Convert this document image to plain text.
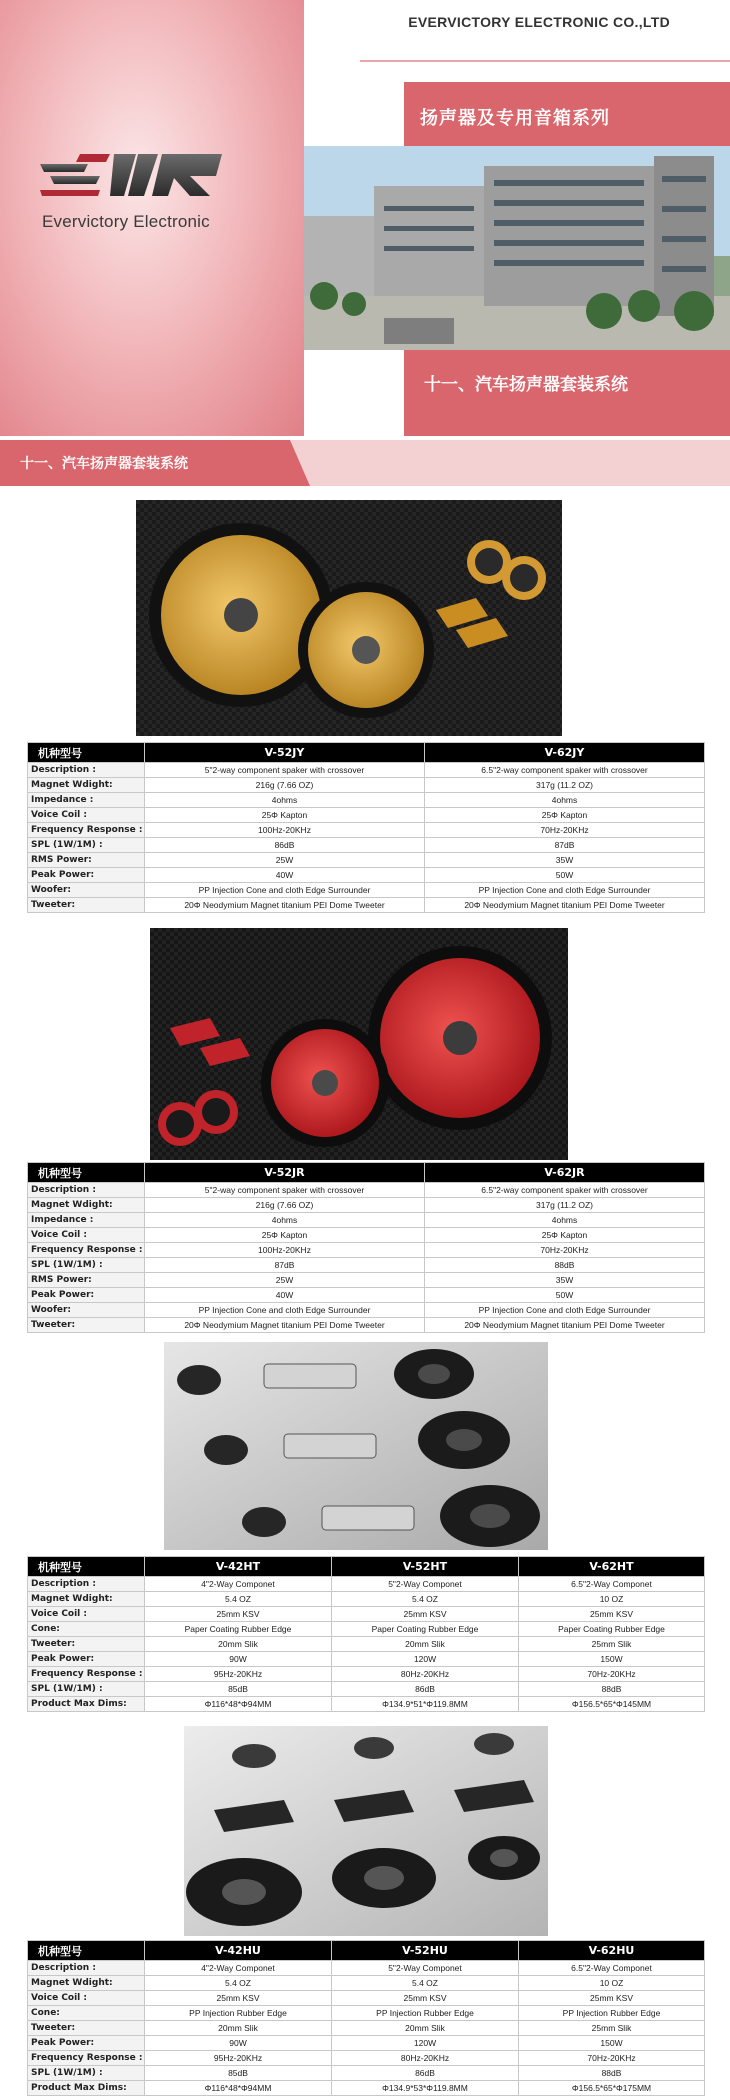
Evervictory Electronic
EVERVICTORY ELECTRONIC CO.,LTD
扬声器及专用音箱系列
十一、汽车扬声器套装系统
十一、汽车扬声器套装系统
机种型号	V-52JY	V-62JY
Description :	5"2-way component spaker with crossover	6.5"2-way component spaker with crossover
Magnet Wdight:	216g (7.66 OZ)	317g (11.2 OZ)
Impedance :	4ohms	4ohms
Voice Coil :	25Φ Kapton	25Φ Kapton
Frequency Response :	100Hz-20KHz	70Hz-20KHz
SPL (1W/1M) :	86dB	87dB
RMS Power:	25W	35W
Peak Power:	40W	50W
Woofer:	PP Injection Cone and cloth Edge Surrounder	PP Injection Cone and cloth Edge Surrounder
Tweeter:	20Φ Neodymium Magnet titanium PEI Dome Tweeter	20Φ Neodymium Magnet titanium PEI Dome Tweeter
机种型号	V-52JR	V-62JR
Description :	5"2-way component spaker with crossover	6.5"2-way component spaker with crossover
Magnet Wdight:	216g (7.66 OZ)	317g (11.2 OZ)
Impedance :	4ohms	4ohms
Voice Coil :	25Φ Kapton	25Φ Kapton
Frequency Response :	100Hz-20KHz	70Hz-20KHz
SPL (1W/1M) :	87dB	88dB
RMS Power:	25W	35W
Peak Power:	40W	50W
Woofer:	PP Injection Cone and cloth Edge Surrounder	PP Injection Cone and cloth Edge Surrounder
Tweeter:	20Φ Neodymium Magnet titanium PEI Dome Tweeter	20Φ Neodymium Magnet titanium PEI Dome Tweeter
机种型号	V-42HT	V-52HT	V-62HT
Description :	4"2-Way Componet	5"2-Way Componet	6.5"2-Way Componet
Magnet Wdight:	5.4 OZ	5.4 OZ	10 OZ
Voice Coil :	25mm KSV	25mm KSV	25mm KSV
Cone:	Paper Coating Rubber Edge	Paper Coating Rubber Edge	Paper Coating Rubber Edge
Tweeter:	20mm Slik	20mm Slik	25mm Slik
Peak Power:	90W	120W	150W
Frequency Response :	95Hz-20KHz	80Hz-20KHz	70Hz-20KHz
SPL (1W/1M) :	85dB	86dB	88dB
Product Max Dims:	Φ116*48*Φ94MM	Φ134.9*51*Φ119.8MM	Φ156.5*65*Φ145MM
机种型号	V-42HU	V-52HU	V-62HU
Description :	4"2-Way Componet	5"2-Way Componet	6.5"2-Way Componet
Magnet Wdight:	5.4 OZ	5.4 OZ	10 OZ
Voice Coil :	25mm KSV	25mm KSV	25mm KSV
Cone:	PP Injection Rubber Edge	PP Injection Rubber Edge	PP Injection Rubber Edge
Tweeter:	20mm Slik	20mm Slik	25mm Slik
Peak Power:	90W	120W	150W
Frequency Response :	95Hz-20KHz	80Hz-20KHz	70Hz-20KHz
SPL (1W/1M) :	85dB	86dB	88dB
Product Max Dims:	Φ116*48*Φ94MM	Φ134.9*53*Φ119.8MM	Φ156.5*65*Φ175MM
